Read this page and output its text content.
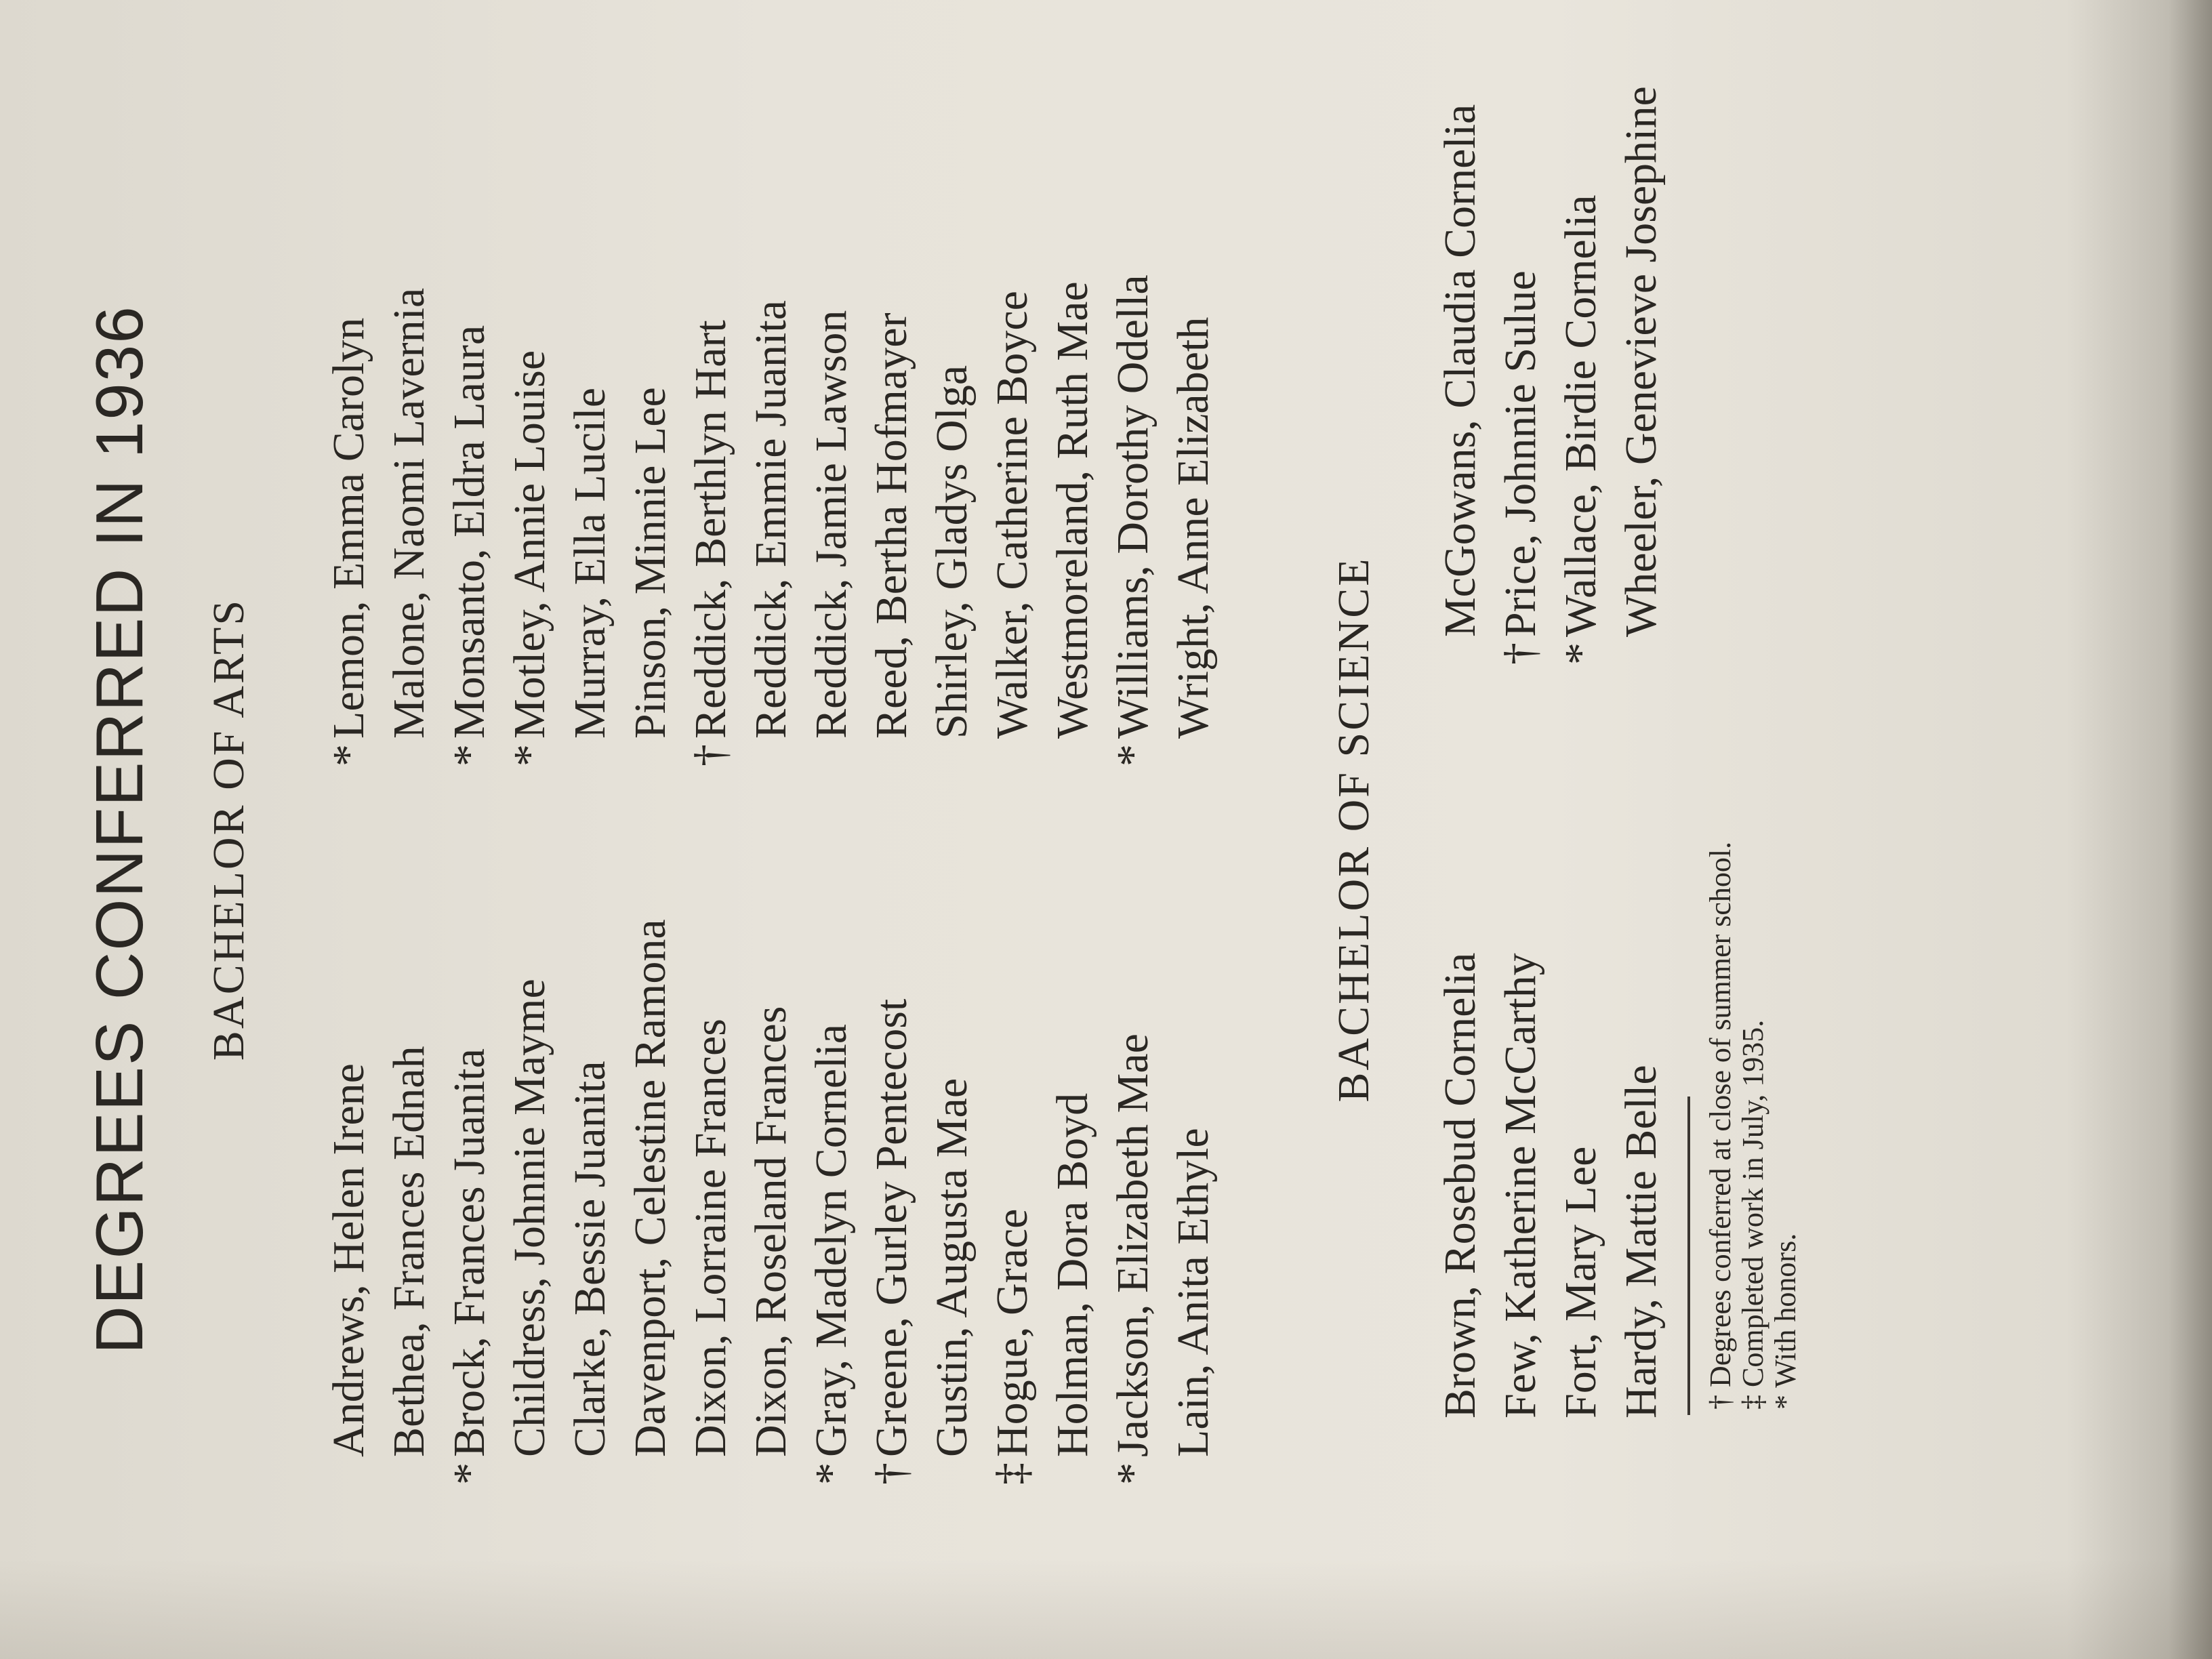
DEGREES CONFERRED IN 1936 BACHELOR OF ARTS
Andrews, Helen Irene Bethea, Frances Ednah
*Brock, Frances Juanita Childress, Johnnie Mayme Clarke, Bessie Juanita Davenport, Celestine Ramona Dixon, Lorraine Frances Dixon, Roseland Frances
*Gray, Madelyn Cornelia
†Greene, Gurley Pentecost Gustin, Augusta Mae
‡Hogue, Grace Holman, Dora Boyd
*Jackson, Elizabeth Mae Lain, Anita Ethyle
*Lemon, Emma Carolyn Malone, Naomi Lavernia
*Monsanto, Eldra Laura
*Motley, Annie Louise Murray, Ella Lucile Pinson, Minnie Lee
†Reddick, Berthlyn Hart Reddick, Emmie Juanita Reddick, Jamie Lawson Reed, Bertha Hofmayer Shirley, Gladys Olga Walker, Catherine Boyce Westmoreland, Ruth Mae
*Williams, Dorothy Odella Wright, Anne Elizabeth
BACHELOR OF SCIENCE
Brown, Rosebud Cornelia Few, Katherine McCarthy Fort, Mary Lee Hardy, Mattie Belle
McGowans, Claudia Cornelia
†Price, Johnnie Sulue
*Wallace, Birdie Cornelia Wheeler, Genevieve Josephine
† Degrees conferred at close of summer school. ‡ Completed work in July, 1935. * With honors.
